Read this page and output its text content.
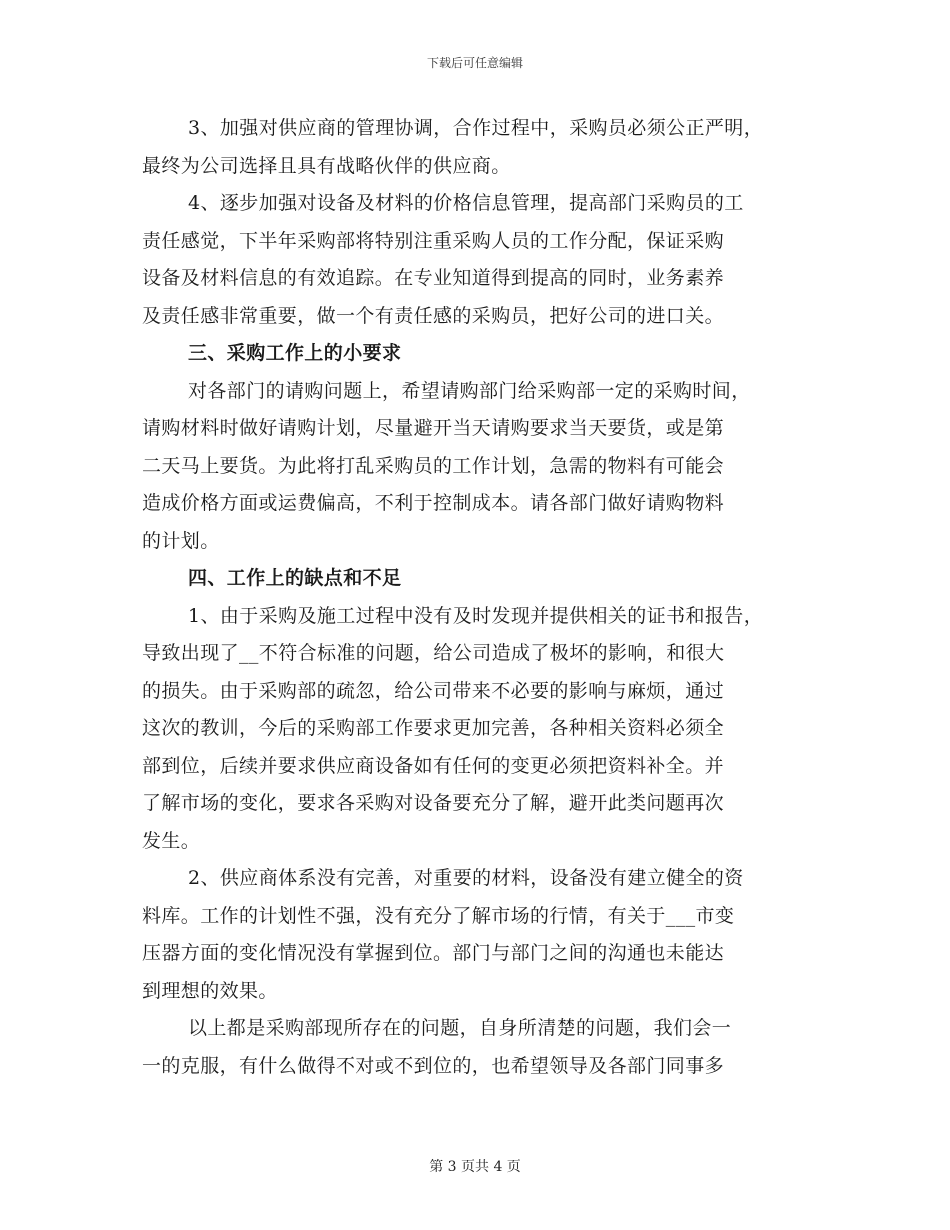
下载后可任意编辑
3、加强对供应商的管理协调，合作过程中，采购员必须公正严明，
最终为公司选择且具有战略伙伴的供应商。
4、逐步加强对设备及材料的价格信息管理，提高部门采购员的工
责任感觉，下半年采购部将特别注重采购人员的工作分配，保证采购
设备及材料信息的有效追踪。在专业知道得到提高的同时，业务素养
及责任感非常重要，做一个有责任感的采购员，把好公司的进口关。
三、采购工作上的小要求
对各部门的请购问题上，希望请购部门给采购部一定的采购时间，
请购材料时做好请购计划，尽量避开当天请购要求当天要货，或是第
二天马上要货。为此将打乱采购员的工作计划，急需的物料有可能会
造成价格方面或运费偏高，不利于控制成本。请各部门做好请购物料
的计划。
四、工作上的缺点和不足
1、由于采购及施工过程中没有及时发现并提供相关的证书和报告，
导致出现了__不符合标准的问题，给公司造成了极坏的影响，和很大
的损失。由于采购部的疏忽，给公司带来不必要的影响与麻烦，通过
这次的教训，今后的采购部工作要求更加完善，各种相关资料必须全
部到位，后续并要求供应商设备如有任何的变更必须把资料补全。并
了解市场的变化，要求各采购对设备要充分了解，避开此类问题再次
发生。
2、供应商体系没有完善，对重要的材料，设备没有建立健全的资
料库。工作的计划性不强，没有充分了解市场的行情，有关于___市变
压器方面的变化情况没有掌握到位。部门与部门之间的沟通也未能达
到理想的效果。
以上都是采购部现所存在的问题，自身所清楚的问题，我们会一
一的克服，有什么做得不对或不到位的，也希望领导及各部门同事多
第 3 页共 4 页
